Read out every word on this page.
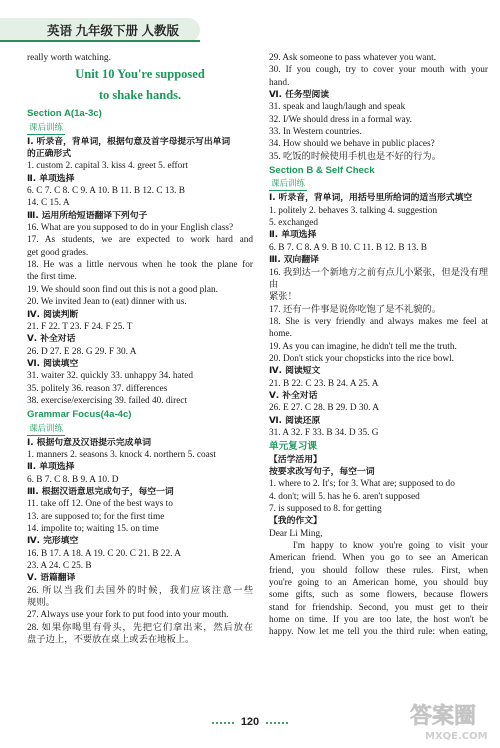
英语 九年级下册 人教版
really worth watching.
Unit 10 You're supposed
to shake hands.
Section A(1a-3c)
课后训练
Ⅰ. 听录音，背单词，根据句意及首字母提示写出单词
的正确形式
1. custom 2. capital 3. kiss 4. greet 5. effort
Ⅱ. 单项选择
6. C 7. C 8. C 9. A 10. B 11. B 12. C 13. B
14. C 15. A
Ⅲ. 运用所给短语翻译下列句子
16. What are you supposed to do in your English class?
17. As students, we are expected to work hard and
get good grades.
18. He was a little nervous when he took the plane for
the first time.
19. We should soon find out this is not a good plan.
20. We invited Jean to (eat) dinner with us.
Ⅳ. 阅读判断
21. F 22. T 23. F 24. F 25. T
Ⅴ. 补全对话
26. D 27. E 28. G 29. F 30. A
Ⅵ. 阅读填空
31. waiter 32. quickly 33. unhappy 34. hated
35. politely 36. reason 37. differences
38. exercise/exercising 39. failed 40. direct
Grammar Focus(4a-4c)
课后训练
Ⅰ. 根据句意及汉语提示完成单词
1. manners 2. seasons 3. knock 4. northern 5. coast
Ⅱ. 单项选择
6. B 7. C 8. B 9. A 10. D
Ⅲ. 根据汉语意思完成句子，每空一词
11. take off 12. One of the best ways to
13. are supposed to; for the first time
14. impolite to; waiting 15. on time
Ⅳ. 完形填空
16. B 17. A 18. A 19. C 20. C 21. B 22. A
23. A 24. C 25. B
Ⅴ. 语篇翻译
26. 所以当我们去国外的时候，我们应该注意一些
规则。
27. Always use your fork to put food into your mouth.
28. 如果你喝里有骨头，先把它们拿出来，然后放在
盘子边上，不要放在桌上或丢在地板上。
29. Ask someone to pass whatever you want.
30. If you cough, try to cover your mouth with your
hand.
Ⅵ. 任务型阅读
31. speak and laugh/laugh and speak
32. I/We should dress in a formal way.
33. In Western countries.
34. How should we behave in public places?
35. 吃饭的时候使用手机也是不好的行为。
Section B & Self Check
课后训练
Ⅰ. 听录音，背单词，用括号里所给词的适当形式填空
1. politely 2. behaves 3. talking 4. suggestion
5. exchanged
Ⅱ. 单项选择
6. B 7. C 8. A 9. B 10. C 11. B 12. B 13. B
Ⅲ. 双向翻译
16. 我到达一个新地方之前有点儿小紧张，但是没有理由
紧张！
17. 还有一件事是说你吃饱了是不礼貌的。
18. She is very friendly and always makes me feel at
home.
19. As you can imagine, he didn't tell me the truth.
20. Don't stick your chopsticks into the rice bowl.
Ⅳ. 阅读短文
21. B 22. C 23. B 24. A 25. A
Ⅴ. 补全对话
26. E 27. C 28. B 29. D 30. A
Ⅵ. 阅读还原
31. A 32. F 33. B 34. D 35. G
单元复习课
【活学活用】
按要求改写句子，每空一词
1. where to 2. It's; for 3. What are; supposed to do
4. don't; will 5. has he 6. aren't supposed
7. is supposed to 8. for getting
【我的作文】
Dear Li Ming,
I'm happy to know you're going to visit your
American friend. When you go to see an American
friend, you should follow these rules. First, when
you're going to an American home, you should buy
some gifts, such as some flowers, because flowers
stand for friendship. Second, you must get to their
home on time. If you are too late, the host won't be
happy. Now let me tell you the third rule: when eating,
120	答案圈
MXQE.COM
